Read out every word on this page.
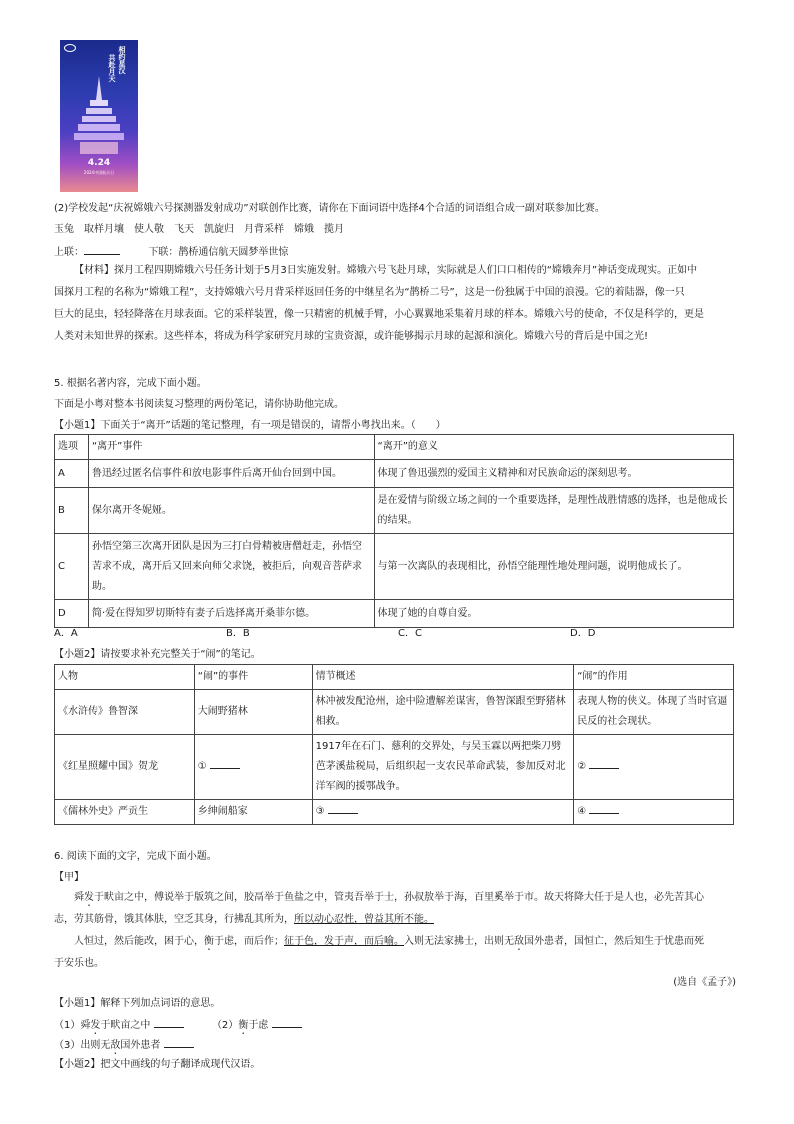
相约星汉
共赴月天
4.24
2024中国航天日
(2)学校发起“庆祝嫦娥六号探测器发射成功”对联创作比赛，请你在下面词语中选择4个合适的词语组合成一副对联参加比赛。
玉兔　取样月壤　使人敬　飞天　凯旋归　月背采样　嫦娥　揽月
上联：	下联：鹊桥通信航天圆梦举世惊
【材料】探月工程四期嫦娥六号任务计划于5月3日实施发射。嫦娥六号飞赴月球，实际就是人们口口相传的“嫦娥奔月”神话变成现实。正如中
国探月工程的名称为“嫦娥工程”，支持嫦娥六号月背采样返回任务的中继星名为“鹊桥二号”，这是一份独属于中国的浪漫。它的着陆器，像一只
巨大的昆虫，轻轻降落在月球表面。它的采样装置，像一只精密的机械手臂，小心翼翼地采集着月球的样本。嫦娥六号的使命，不仅是科学的，更是
人类对未知世界的探索。这些样本，将成为科学家研究月球的宝贵资源，或许能够揭示月球的起源和演化。嫦娥六号的背后是中国之光!
5. 根据名著内容，完成下面小题。
下面是小粤对整本书阅读复习整理的两份笔记，请你协助他完成。
【小题1】下面关于“离开”话题的笔记整理，有一项是错误的，请帮小粤找出来。（　　）
选项	“离开”事件	“离开”的意义
A	鲁迅经过匿名信事件和放电影事件后离开仙台回到中国。	体现了鲁迅强烈的爱国主义精神和对民族命运的深刻思考。
B	保尔离开冬妮娅。	是在爱情与阶级立场之间的一个重要选择，是理性战胜情感的选择，也是他成长的结果。
C	孙悟空第三次离开团队是因为三打白骨精被唐僧赶走，孙悟空苦求不成，离开后又回来向师父求饶，被拒后，向观音菩萨求助。	与第一次离队的表现相比，孙悟空能理性地处理问题，说明他成长了。
D	简·爱在得知罗切斯特有妻子后选择离开桑菲尔德。	体现了她的自尊自爱。
A．A	B．B	C．C	D．D
【小题2】请按要求补充完整关于“闹”的笔记。
人物	“闹”的事件	情节概述	“闹”的作用
《水浒传》鲁智深	大闹野猪林	林冲被发配沧州，途中险遭解差谋害，鲁智深跟至野猪林相救。	表现人物的侠义。体现了当时官逼民反的社会现状。
《红星照耀中国》贺龙	①	1917年在石门、慈利的交界处，与吴玉霖以两把柴刀劈芭茅溪盐税局，后组织起一支农民革命武装，参加反对北洋军阀的援鄂战争。	②
《儒林外史》严贡生	乡绅闹船家	③	④
6. 阅读下面的文字，完成下面小题。
【甲】
舜发于畎亩之中，傅说举于版筑之间，胶鬲举于鱼盐之中，管夷吾举于士，孙叔敖举于海，百里奚举于市。故天将降大任于是人也，必先苦其心
志，劳其筋骨，饿其体肤，空乏其身，行拂乱其所为，所以动心忍性，曾益其所不能。
人恒过，然后能改，困于心，衡于虑，而后作；征于色，发于声，而后喻。入则无法家拂士，出则无敌国外患者，国恒亡，然后知生于忧患而死
于安乐也。
(选自《孟子》)
【小题1】解释下列加点词语的意思。
（1）舜发于畎亩之中	（2）衡于虑
（3）出则无敌国外患者
【小题2】把文中画线的句子翻译成现代汉语。
